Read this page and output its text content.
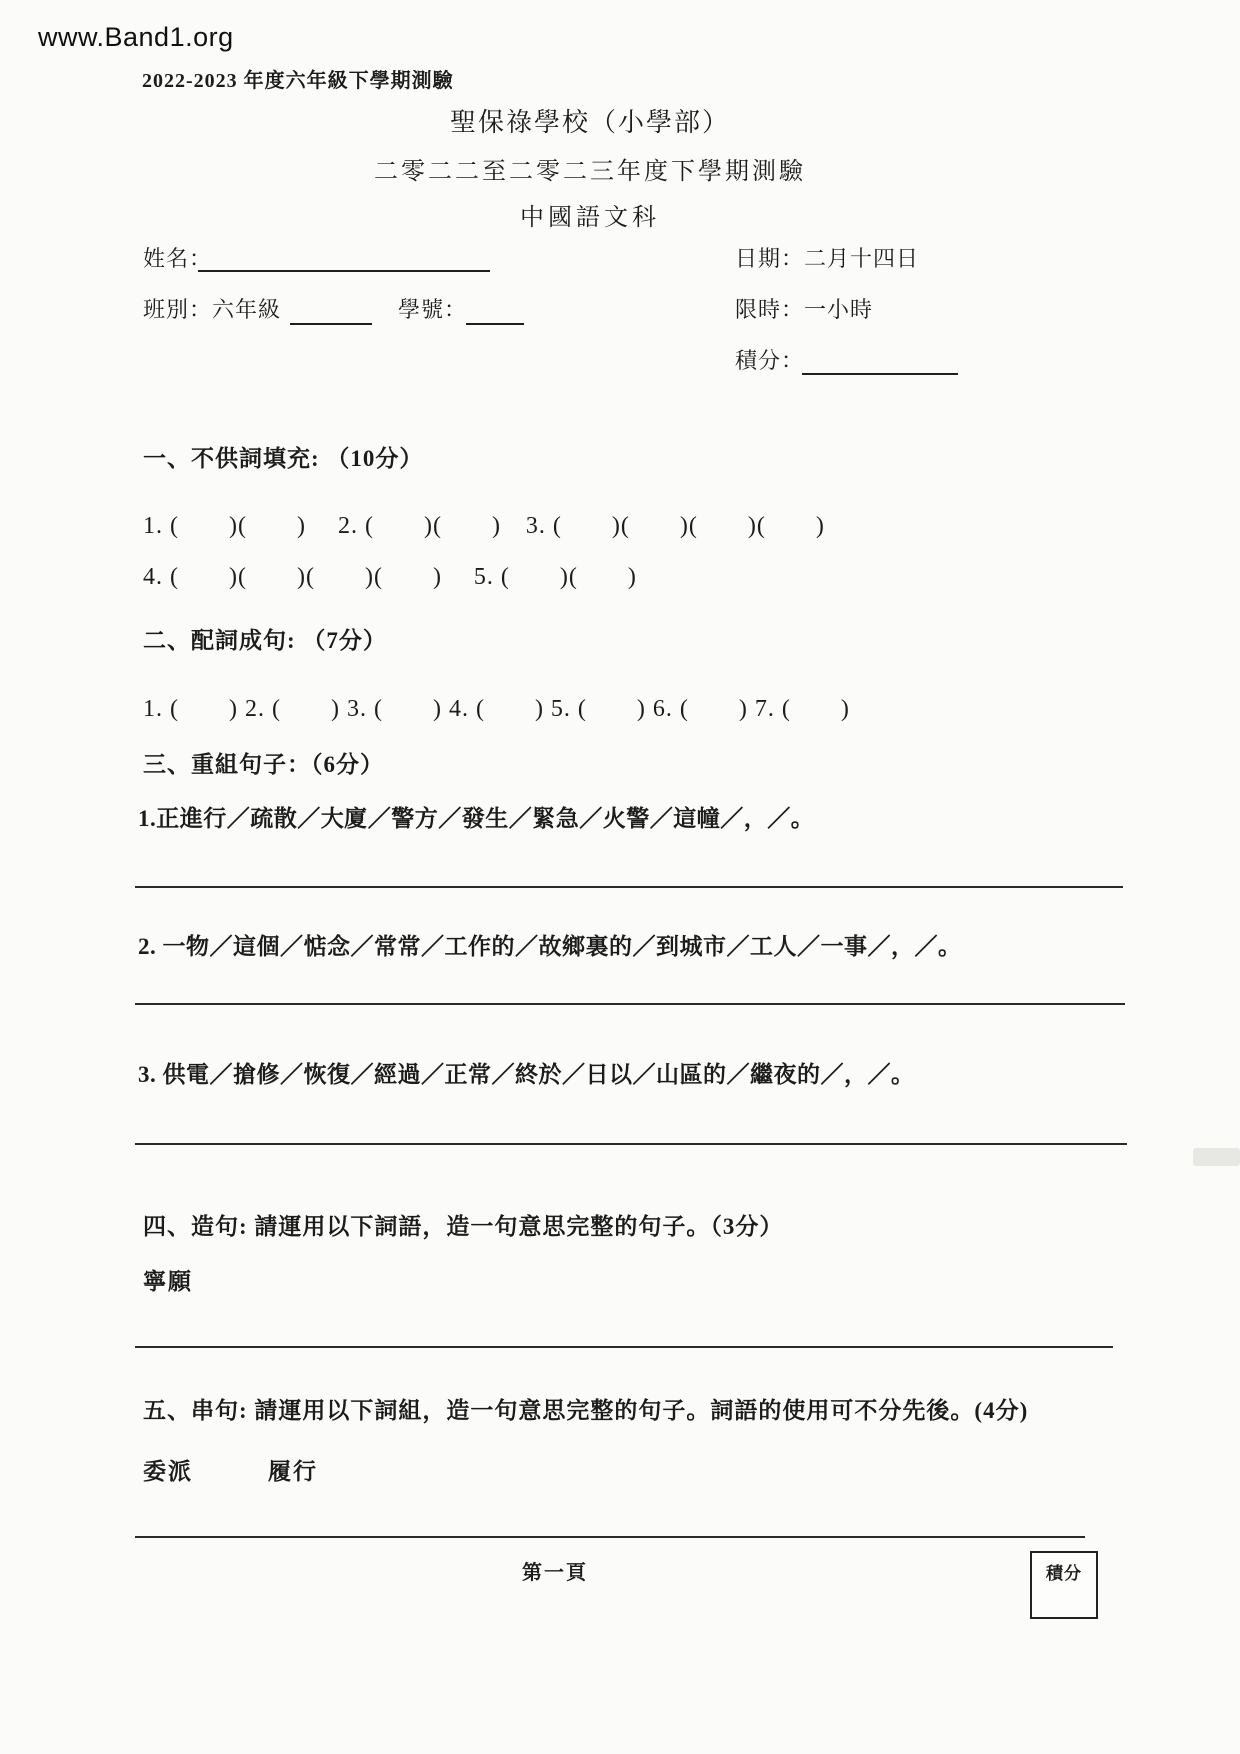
www.Band1.org
2022-2023 年度六年級下學期測驗
聖保祿學校（小學部）
二零二二至二零二三年度下學期測驗
中國語文科
姓名：	日期：二月十四日
班別：六年級	學號：	限時：一小時
積分：
一、不供詞填充: （10分）
1. (　　)(　　)　 2. (　　)(　　)　3. (　　)(　　)(　　)(　　)
4. (　　)(　　)(　　)(　　)　 5. (　　)(　　)
二、配詞成句: （7分）
1. (　　) 2. (　　) 3. (　　) 4. (　　) 5. (　　) 6. (　　) 7. (　　)
三、重組句子：（6分）
1.正進行／疏散／大廈／警方／發生／緊急／火警／這幢／，／。
2. 一物／這個／惦念／常常／工作的／故鄉裏的／到城市／工人／一事／，／。
3. 供電／搶修／恢復／經過／正常／終於／日以／山區的／繼夜的／，／。
四、造句: 請運用以下詞語，造一句意思完整的句子。（3分）
寧願
五、串句: 請運用以下詞組，造一句意思完整的句子。詞語的使用可不分先後。(4分)
委派　　　履行
第一頁	積分
